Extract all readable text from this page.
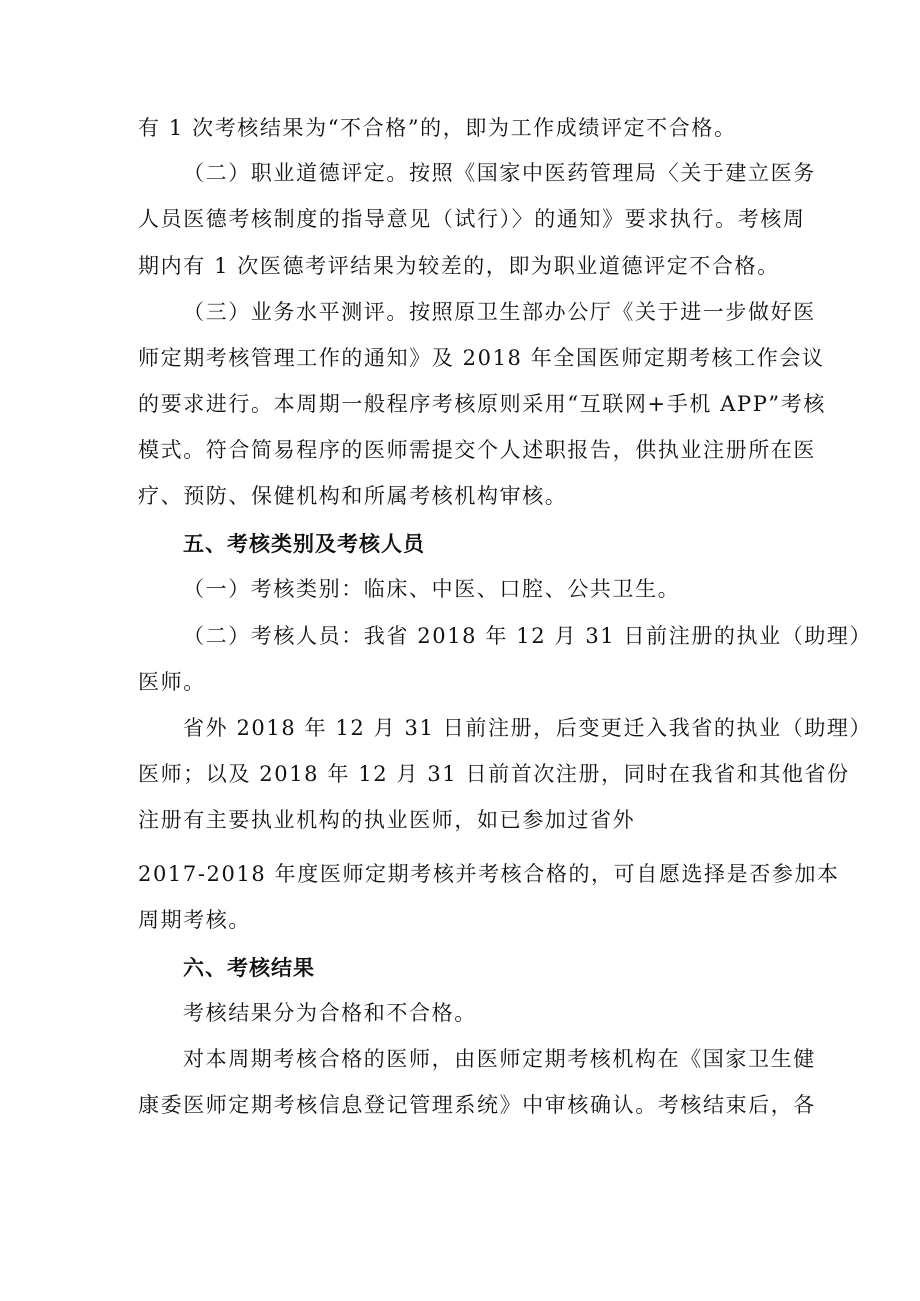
有 1 次考核结果为“不合格”的，即为工作成绩评定不合格。
（二）职业道德评定。按照《国家中医药管理局〈关于建立医务
人员医德考核制度的指导意见（试行）〉的通知》要求执行。考核周
期内有 1 次医德考评结果为较差的，即为职业道德评定不合格。
（三）业务水平测评。按照原卫生部办公厅《关于进一步做好医
师定期考核管理工作的通知》及 2018 年全国医师定期考核工作会议
的要求进行。本周期一般程序考核原则采用“互联网+手机 APP”考核
模式。符合简易程序的医师需提交个人述职报告，供执业注册所在医
疗、预防、保健机构和所属考核机构审核。
五、考核类别及考核人员
（一）考核类别：临床、中医、口腔、公共卫生。
（二）考核人员：我省 2018 年 12 月 31 日前注册的执业（助理）
医师。
省外 2018 年 12 月 31 日前注册，后变更迁入我省的执业（助理）
医师；以及 2018 年 12 月 31 日前首次注册，同时在我省和其他省份
注册有主要执业机构的执业医师，如已参加过省外
2017-2018 年度医师定期考核并考核合格的，可自愿选择是否参加本
周期考核。
六、考核结果
考核结果分为合格和不合格。
对本周期考核合格的医师，由医师定期考核机构在《国家卫生健
康委医师定期考核信息登记管理系统》中审核确认。考核结束后，各
